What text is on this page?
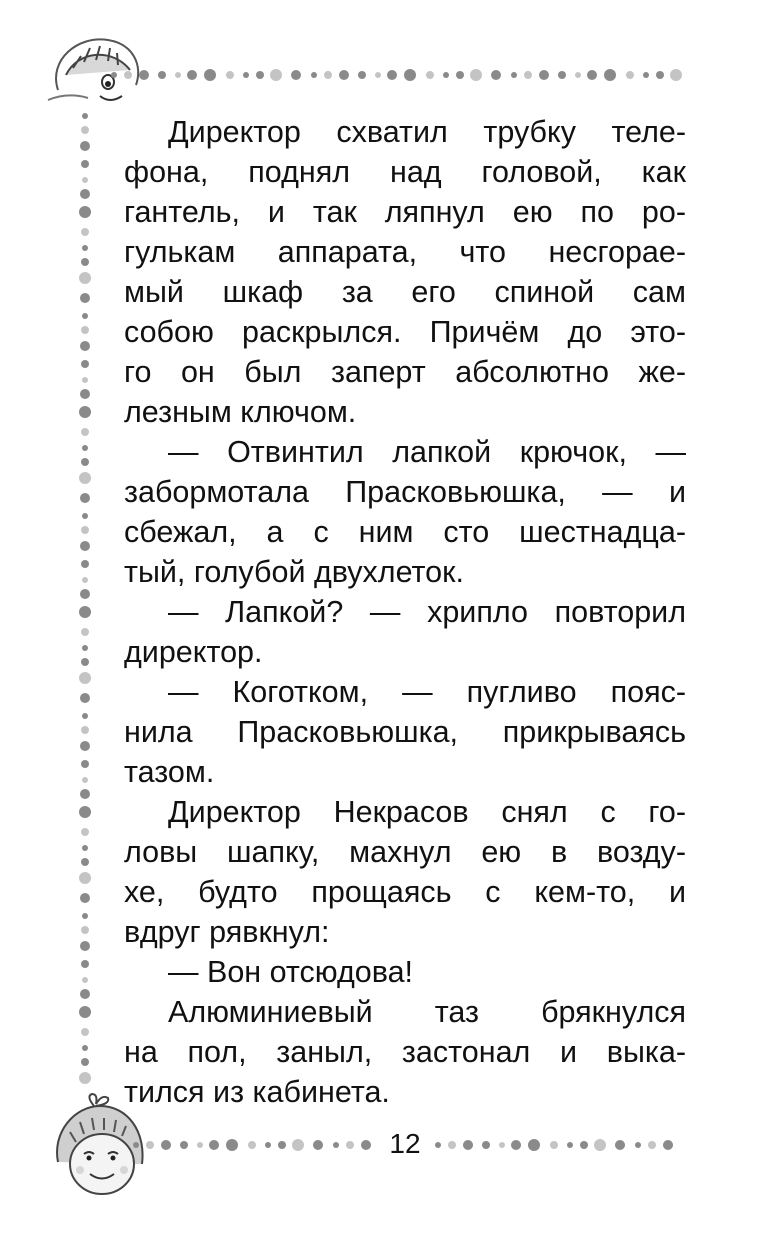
Директор схватил трубку теле-
фона, поднял над головой, как
гантель, и так ляпнул ею по ро-
гулькам аппарата, что несгорае-
мый шкаф за его спиной сам
собою раскрылся. Причём до это-
го он был заперт абсолютно же-
лезным ключом.
— Отвинтил лапкой крючок, —
забормотала Прасковьюшка, — и
сбежал, а с ним сто шестнадца-
тый, голубой двухлеток.
— Лапкой? — хрипло повторил
директор.
— Коготком, — пугливо пояс-
нила Прасковьюшка, прикрываясь
тазом.
Директор Некрасов снял с го-
ловы шапку, махнул ею в возду-
хе, будто прощаясь с кем-то, и
вдруг рявкнул:
— Вон отсюдова!
Алюминиевый таз брякнулся
на пол, заныл, застонал и выка-
тился из кабинета.
12
